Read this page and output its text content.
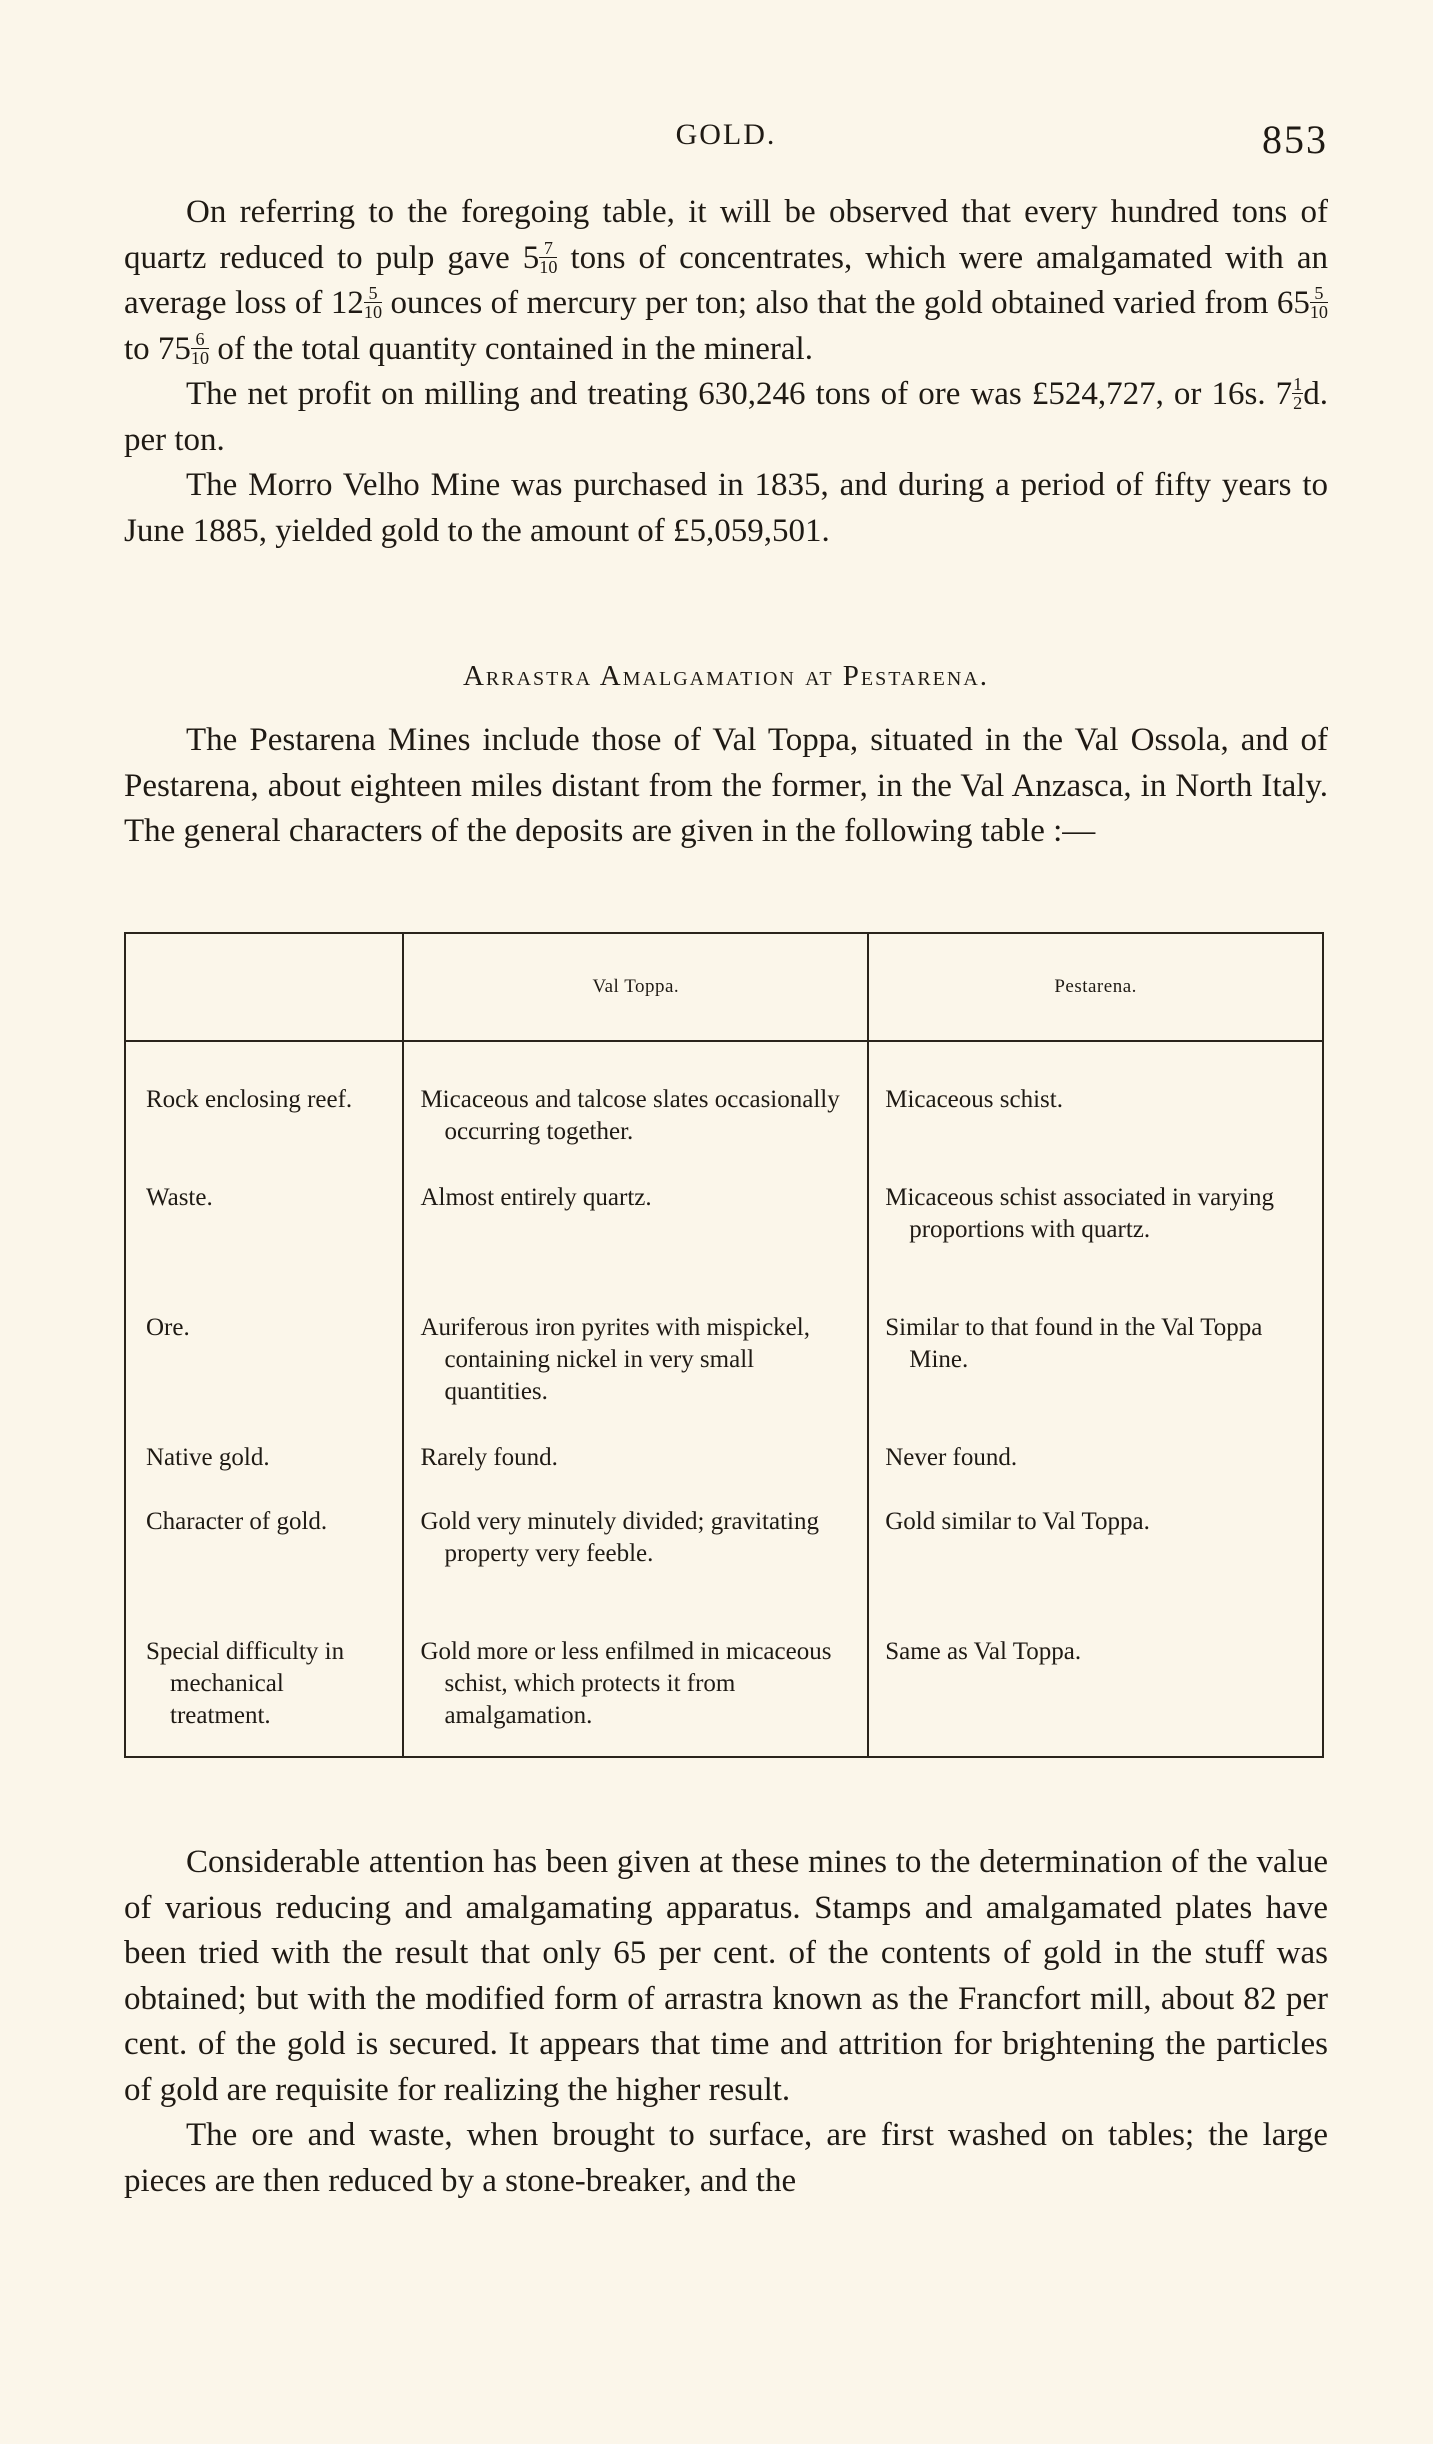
GOLD.	853

On referring to the foregoing table, it will be observed that every hundred tons of quartz reduced to pulp gave $5 \frac{7}{10}$ tons of concentrates, which were amalgamated with an average loss of $12 \frac{5}{10}$ ounces of mercury per ton; also that the gold obtained varied from $65 \frac{5}{10}$
to $75 \frac{6}{10}$ of the total quantity contained in the mineral.

The net profit on milling and treating 630,246 tons of ore was £524,727, or 16s. $7 \frac{1}{2} d$. per ton.

The Morro Velho Mine was purchased in 1835, and during a period of fifty years to June 1885, yielded gold to the amount of £5,059,501.

Arrastra Amalgamation at Pestarena.

The Pestarena Mines include those of Val Toppa, situated in the Val Ossola, and of Pestarena, about eighteen miles distant from the former, in the Val Anzasca, in North Italy. The general characters of the deposits are given in the following table :—

	Val Toppa.	Pestarena.

Rock enclosing reef.	Micaceous and talcose slates occasionally occurring together.	Micaceous schist.

Waste.	Almost entirely quartz.	Micaceous schist associated in varying proportions with quartz.

Ore.	Auriferous iron pyrites with mispickel, containing nickel in very small quantities.	Similar to that found in the Val Toppa Mine.

Native gold.	Rarely found.	Never found.

Character of gold.	Gold very minutely divided; gravitating property very feeble.	Gold similar to Val Toppa.

Special difficulty in mechanical treatment.	Gold more or less enfilmed in micaceous schist, which protects it from amalgamation.	Same as Val Toppa.

Considerable attention has been given at these mines to the determination of the value of various reducing and amalgamating apparatus. Stamps and amalgamated plates have been tried with the result that only 65 per cent. of the contents of gold in the stuff was obtained; but with the modified form of arrastra known as the Francfort mill, about 82 per cent. of the gold is secured. It appears that time and attrition for brightening the particles of gold are requisite for realizing the higher result.

The ore and waste, when brought to surface, are first washed on tables; the large pieces are then reduced by a stone-breaker, and the
